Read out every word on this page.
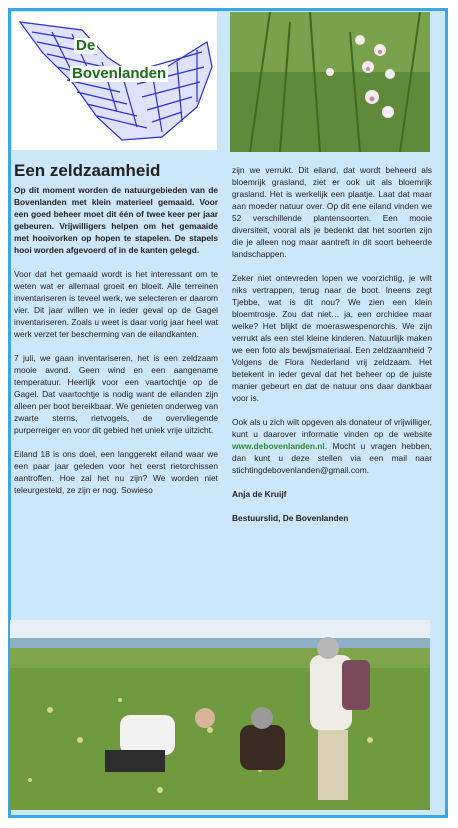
De
Bovenlanden
Een zeldzaamheid

Op dit moment worden de natuurgebieden van de Bovenlanden met klein materieel gemaaid. Voor een goed beheer moet dit één of twee keer per jaar gebeuren. Vrijwilligers helpen om het gemaaide met hooivorken op hopen te stapelen. De stapels hooi worden afgevoerd of in de kanten gelegd.

Voor dat het gemaaid wordt is het interessant om te weten wat er allemaal groeit en bloeit. Alle terreinen inventariseren is teveel werk, we selecteren er daarom vier. Dit jaar willen we in ieder geval op de Gagel inventariseren. Zoals u weet is daar vorig jaar heel wat werk verzet ter bescherming van de eilandkanten.

7 juli, we gaan inventariseren, het is een zeldzaam mooie avond. Geen wind en een aangename temperatuur. Heerlijk voor een vaartochtje op de Gagel. Dat vaartochtje is nodig want de eilanden zijn alleen per boot bereikbaar. We genieten onderweg van zwarte sterns, rietvogels, de overvliegende purperreiger en voor dit gebied het uniek vrije uitzicht.

Eiland 18 is ons doel, een langgerekt eiland waar we een paar jaar geleden voor het eerst rietorchissen aantroffen. Hoe zal het nu zijn? We worden niet teleurgesteld, ze zijn er nog. Sowieso

zijn we verrukt. Dit eiland, dat wordt beheerd als bloemrijk grasland, ziet er ook uit als bloemrijk grasland. Het is werkelijk een plaatje. Laat dat maar aan moeder natuur over. Op dit ene eiland vinden we 52 verschillende plantensoorten. Een mooie diversiteit, vooral als je bedenkt dat het soorten zijn die je alleen nog maar aantreft in dit soort beheerde landschappen.

Zeker niet ontevreden lopen we voorzichtig, je wilt niks vertrappen, terug naar de boot. Ineens zegt Tjebbe, wat is dit nou? We zien een klein bloemtrosje. Zou dat niet… ja, een orchidee maar welke? Het blijkt de moeraswespenorchis. We zijn verrukt als een stel kleine kinderen. Natuurlijk maken we een foto als bewijsmateriaal. Een zeldzaamheid ? Volgens de Flora Nederland vrij zeldzaam. Het betekent in ieder geval dat het beheer op de juiste manier gebeurt en dat de natuur ons daar dankbaar voor is.

Ook als u zich wilt opgeven als donateur of vrijwilliger, kunt u daarover informatie vinden op de website www.debovenlanden.nl. Mocht u vragen hebben, dan kunt u deze stellen via een mail naar stichtingdebovenlanden@gmail.com.

Anja de Kruijf

Bestuurslid, De Bovenlanden
